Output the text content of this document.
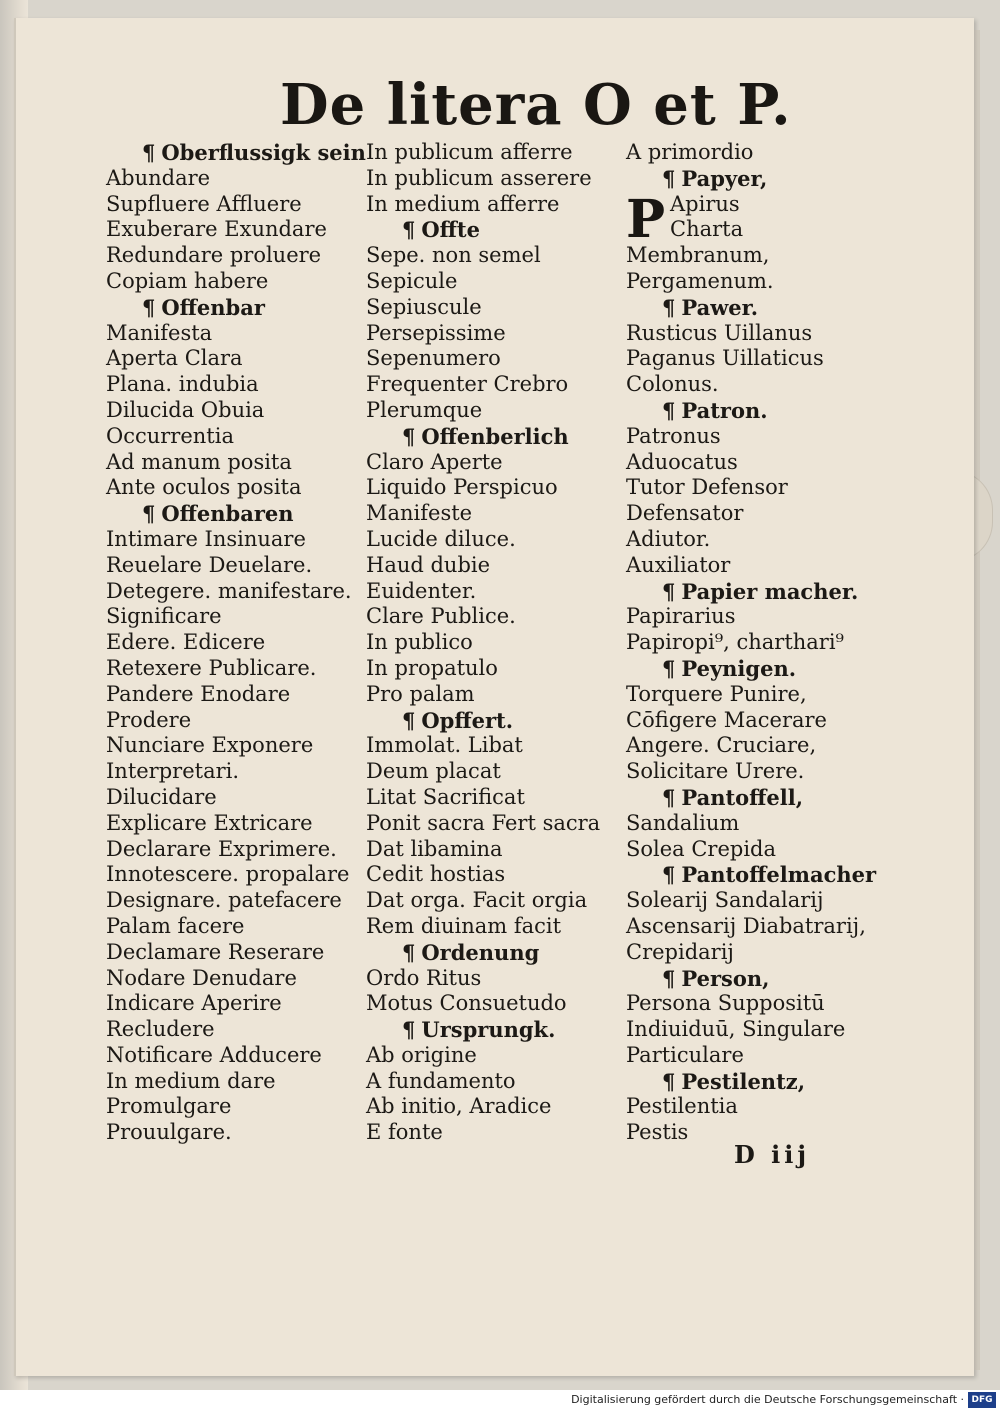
De litera O et P.
¶ Oberflussigk sein
Abundare
Supfluere Affluere
Exuberare Exundare
Redundare proluere
Copiam habere
¶ Offenbar
Manifesta
Aperta Clara
Plana. indubia
Dilucida Obuia
Occurrentia
Ad manum posita
Ante oculos posita
¶ Offenbaren
Intimare Insinuare
Reuelare Deuelare.
Detegere. manifestare.
Significare
Edere. Edicere
Retexere Publicare.
Pandere Enodare
Prodere
Nunciare Exponere
Interpretari.
Dilucidare
Explicare Extricare
Declarare Exprimere.
Innotescere. propalare
Designare. patefacere
Palam facere
Declamare Reserare
Nodare Denudare
Indicare Aperire
Recludere
Notificare Adducere
In medium dare
Promulgare
Prouulgare.
In publicum afferre
In publicum asserere
In medium afferre
¶ Offte
Sepe. non semel
Sepicule
Sepiuscule
Persepissime
Sepenumero
Frequenter Crebro
Plerumque
¶ Offenberlich
Claro Aperte
Liquido Perspicuo
Manifeste
Lucide diluce.
Haud dubie
Euidenter.
Clare Publice.
In publico
In propatulo
Pro palam
¶ Opffert.
Immolat. Libat
Deum placat
Litat Sacrificat
Ponit sacra Fert sacra
Dat libamina
Cedit hostias
Dat orga. Facit orgia
Rem diuinam facit
¶ Ordenung
Ordo Ritus
Motus Consuetudo
¶ Ursprungk.
Ab origine
A fundamento
Ab initio, Aradice
E fonte
A primordio
¶ Papyer,
P Apirus
Charta
Membranum,
Pergamenum.
¶ Pawer.
Rusticus Uillanus
Paganus Uillaticus
Colonus.
¶ Patron.
Patronus
Aduocatus
Tutor Defensor
Defensator
Adiutor.
Auxiliator
¶ Papier macher.
Papirarius
Papiropi⁹, charthari⁹
¶ Peynigen.
Torquere Punire,
Cōfigere Macerare
Angere. Cruciare,
Solicitare Urere.
¶ Pantoffell,
Sandalium
Solea Crepida
¶ Pantoffelmacher
Solearij Sandalarij
Ascensarij Diabatrarij,
Crepidarij
¶ Person,
Persona Suppositū
Indiuiduū, Singulare
Particulare
¶ Pestilentz,
Pestilentia
Pestis
D iij
Digitalisierung gefördert durch die Deutsche Forschungsgemeinschaft · DFG
